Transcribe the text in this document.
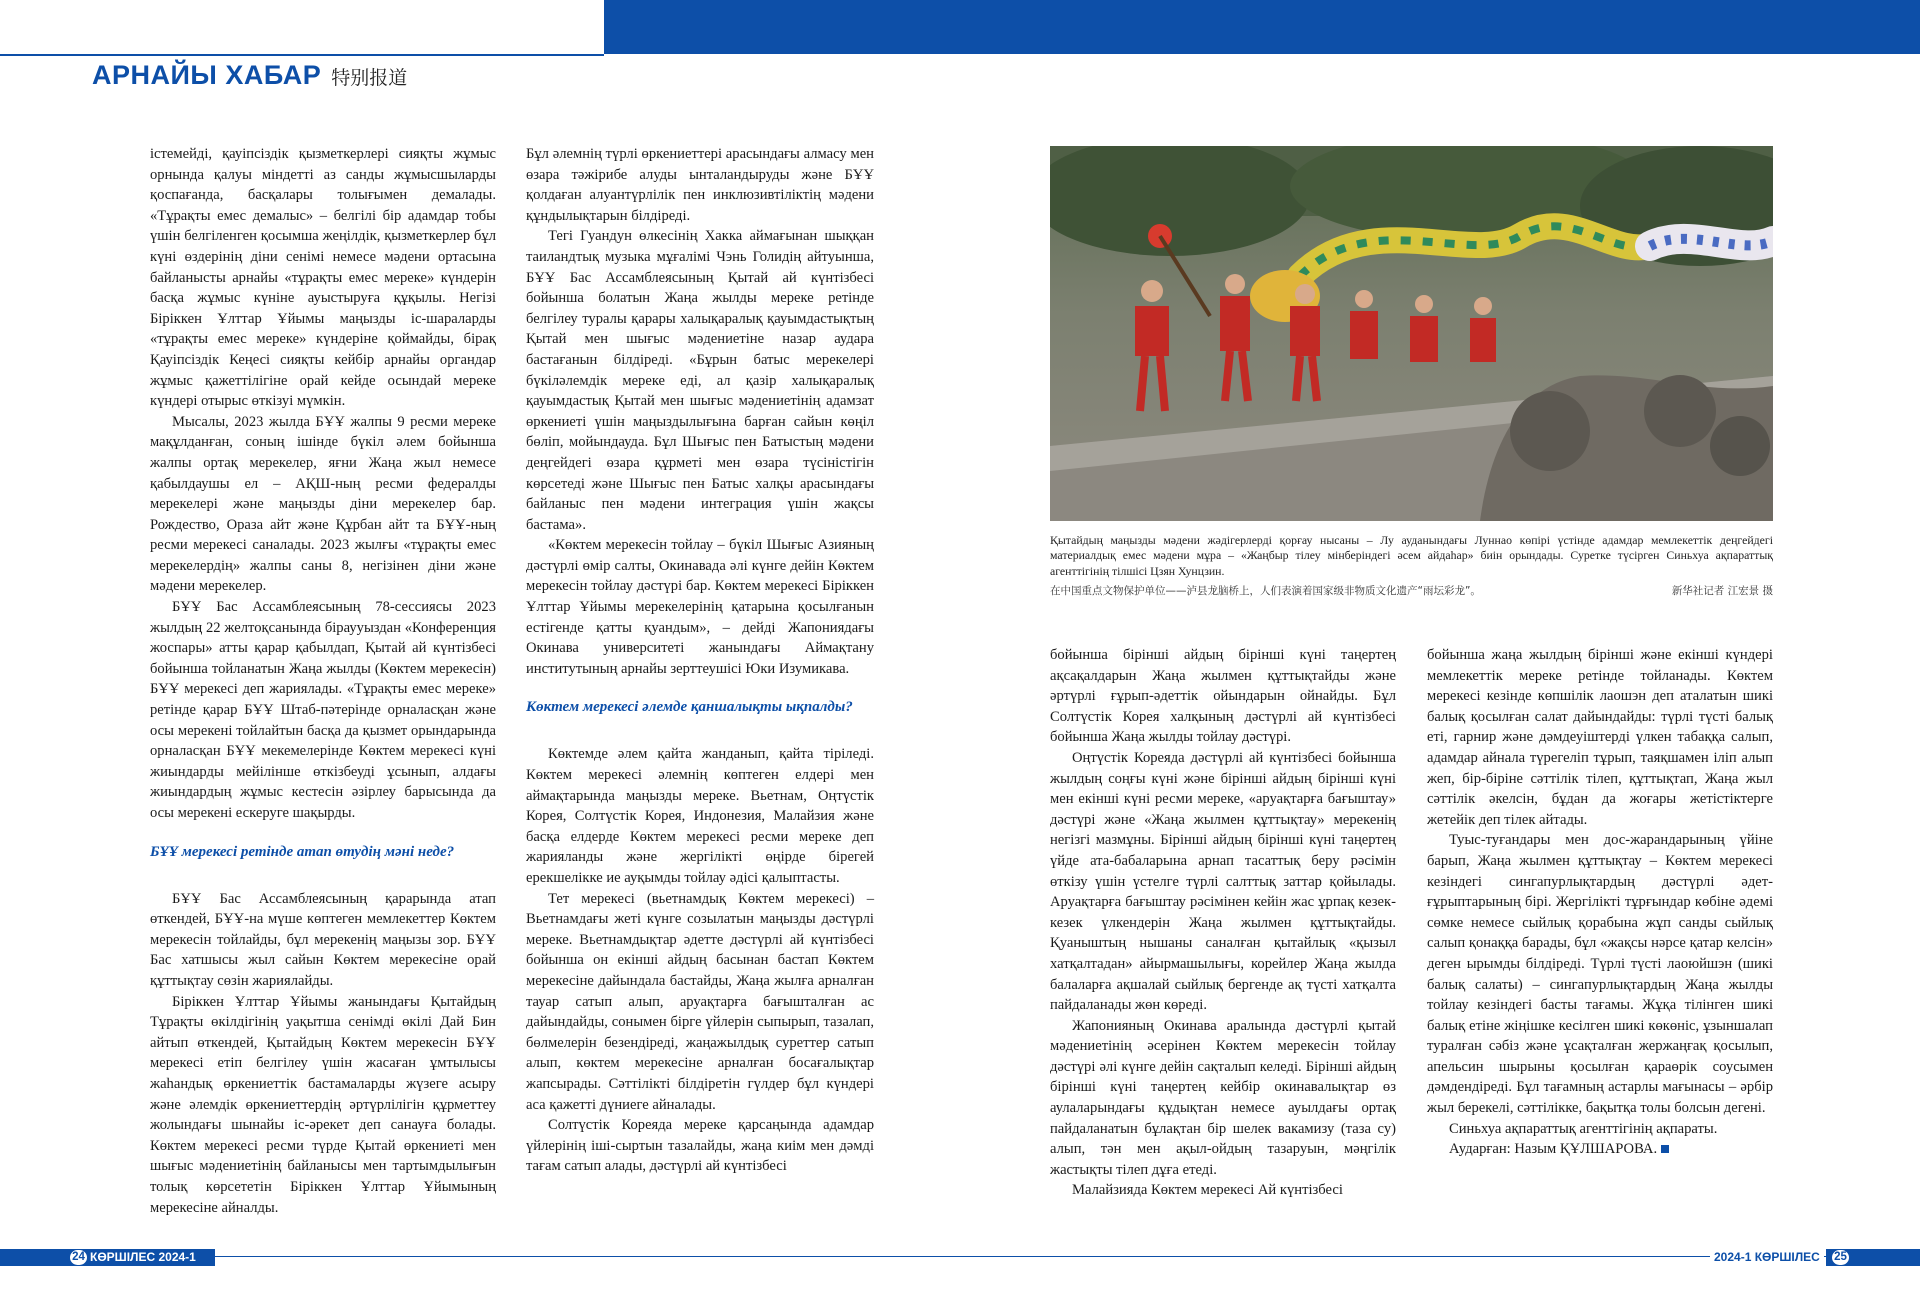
АРНАЙЫ ХАБАР 特别报道

істемейді, қауіпсіздік қызметкерлері сияқты жұмыс орнында қалуы міндетті аз санды жұмысшыларды қоспағанда, басқалары толығымен демалады. «Тұрақты емес демалыс» – белгілі бір адамдар тобы үшін белгіленген қосымша жеңілдік, қызметкерлер бұл күні өздерінің діни сенімі немесе мәдени ортасына байланысты арнайы «тұрақты емес мереке» күндерін басқа жұмыс күніне ауыстыруға құқылы. Негізі Біріккен Ұлттар Ұйымы маңызды іс-шараларды «тұрақты емес мереке» күндеріне қоймайды, бірақ Қауіпсіздік Кеңесі сияқты кейбір арнайы органдар жұмыс қажеттілігіне орай кейде осындай мереке күндері отырыс өткізуі мүмкін.

Мысалы, 2023 жылда БҰҰ жалпы 9 ресми мереке мақұлданған, соның ішінде бүкіл әлем бойынша жалпы ортақ мерекелер, яғни Жаңа жыл немесе қабылдаушы ел – АҚШ-ның ресми федералды мерекелері және маңызды діни мерекелер бар. Рождество, Ораза айт және Құрбан айт та БҰҰ-ның ресми мерекесі саналады. 2023 жылғы «тұрақты емес мерекелердің» жалпы саны 8, негізінен діни және мәдени мерекелер.

БҰҰ Бас Ассамблеясының 78-сессиясы 2023 жылдың 22 желтоқсанында біраууыздан «Конференция жоспары» атты қарар қабылдап, Қытай ай күнтізбесі бойынша тойланатын Жаңа жылды (Көктем мерекесін) БҰҰ мерекесі деп жариялады. «Тұрақты емес мереке» ретінде қарар БҰҰ Штаб-пәтерінде орналасқан және осы мерекені тойлайтын басқа да қызмет орындарында орналасқан БҰҰ мекемелерінде Көктем мерекесі күні жиындарды мейілінше өткізбеуді ұсынып, алдағы жиындардың жұмыс кестесін әзірлеу барысында да осы мерекені ескеруге шақырды.

БҰҰ мерекесі ретінде атап өтудің мәні неде?

БҰҰ Бас Ассамблеясының қарарында атап өткендей, БҰҰ-на мүше көптеген мемлекеттер Көктем мерекесін тойлайды, бұл мерекенің маңызы зор. БҰҰ Бас хатшысы жыл сайын Көктем мерекесіне орай құттықтау сөзін жариялайды.

Біріккен Ұлттар Ұйымы жанындағы Қытайдың Тұрақты өкілдігінің уақытша сенімді өкілі Дай Бин айтып өткендей, Қытайдың Көктем мерекесін БҰҰ мерекесі етіп белгілеу үшін жасаған ұмтылысы жаһандық өркениеттік бастамаларды жүзеге асыру және әлемдік өркениеттердің әртүрлілігін құрметтеу жолындағы шынайы іс-әрекет деп санауға болады. Көктем мерекесі ресми түрде Қытай өркениеті мен шығыс мәдениетінің байланысы мен тартымдылығын толық көрсететін Біріккен Ұлттар Ұйымының мерекесіне айналды.

Бұл әлемнің түрлі өркениеттері арасындағы алмасу мен өзара тәжірибе алуды ынталандыруды және БҰҰ қолдаған алуантүрлілік пен инклюзивтіліктің мәдени құндылықтарын білдіреді.

Тегі Гуандун өлкесінің Хакка аймағынан шыққан таиландтық музыка мұғалімі Чэнь Голидің айтуынша, БҰҰ Бас Ассамблеясының Қытай ай күнтізбесі бойынша болатын Жаңа жылды мереке ретінде белгілеу туралы қарары халықаралық қауымдастықтың Қытай мен шығыс мәдениетіне назар аудара бастағанын білдіреді. «Бұрын батыс мерекелері бүкіләлемдік мереке еді, ал қазір халықаралық қауымдастық Қытай мен шығыс мәдениетінің адамзат өркениеті үшін маңыздылығына барған сайын көңіл бөліп, мойындауда. Бұл Шығыс пен Батыстың мәдени деңгейдегі өзара құрметі мен өзара түсіністігін көрсетеді және Шығыс пен Батыс халқы арасындағы байланыс пен мәдени интеграция үшін жақсы бастама».

«Көктем мерекесін тойлау – бүкіл Шығыс Азияның дәстүрлі өмір салты, Окинавада әлі күнге дейін Көктем мерекесін тойлау дәстүрі бар. Көктем мерекесі Біріккен Ұлттар Ұйымы мерекелерінің қатарына қосылғанын естігенде қатты қуандым», – дейді Жапониядағы Окинава университеті жанындағы Аймақтану институтының арнайы зерттеушісі Юки Изумикава.

Көктем мерекесі әлемде қаншалықты ықпалды?

Көктемде әлем қайта жанданып, қайта тіріледі. Көктем мерекесі әлемнің көптеген елдері мен аймақтарында маңызды мереке. Вьетнам, Оңтүстік Корея, Солтүстік Корея, Индонезия, Малайзия және басқа елдерде Көктем мерекесі ресми мереке деп жарияланды және жергілікті өңірде бірегей ерекшелікке ие ауқымды тойлау әдісі қалыптасты.

Тет мерекесі (вьетнамдық Көктем мерекесі) – Вьетнамдағы жеті күнге созылатын маңызды дәстүрлі мереке. Вьетнамдықтар әдетте дәстүрлі ай күнтізбесі бойынша он екінші айдың басынан бастап Көктем мерекесіне дайындала бастайды, Жаңа жылға арналған тауар сатып алып, аруақтарға бағышталған ас дайындайды, сонымен бірге үйлерін сыпырып, тазалап, бөлмелерін безендіреді, жаңажылдық суреттер сатып алып, көктем мерекесіне арналған босағалықтар жапсырады. Сәттілікті білдіретін гүлдер бұл күндері аса қажетті дүниеге айналады.

Солтүстік Кореяда мереке қарсаңында адамдар үйлерінің іші-сыртын тазалайды, жаңа киім мен дәмді тағам сатып алады, дәстүрлі ай күнтізбесі

Қытайдың маңызды мәдени жәдігерлерді қорғау нысаны – Лу ауданындағы Луннао көпірі үстінде адамдар мемлекеттік деңгейдегі материалдық емес мәдени мұра – «Жаңбыр тілеу мінберіндегі әсем айдаһар» биін орындады. Суретке түсірген Синьхуа ақпараттық агенттігінің тілшісі Цзян Хунцзин.
在中国重点文物保护单位——泸县龙脑桥上，人们表演着国家级非物质文化遗产“雨坛彩龙”。	新华社记者 江宏景 摄

бойынша бірінші айдың бірінші күні таңертең ақсақалдарын Жаңа жылмен құттықтайды және әртүрлі ғұрып-әдеттік ойындарын ойнайды. Бұл Солтүстік Корея халқының дәстүрлі ай күнтізбесі бойынша Жаңа жылды тойлау дәстүрі.

Оңтүстік Кореяда дәстүрлі ай күнтізбесі бойынша жылдың соңғы күні және бірінші айдың бірінші күні мен екінші күні ресми мереке, «аруақтарға бағыштау» дәстүрі және «Жаңа жылмен құттықтау» мерекенің негізгі мазмұны. Бірінші айдың бірінші күні таңертең үйде ата-бабаларына арнап тасаттық беру рәсімін өткізу үшін үстелге түрлі салттық заттар қойылады. Аруақтарға бағыштау рәсімінен кейін жас ұрпақ кезек-кезек үлкендерін Жаңа жылмен құттықтайды. Қуаныштың нышаны саналған қытайлық «қызыл хатқалтадан» айырмашылығы, корейлер Жаңа жылда балаларға ақшалай сыйлық бергенде ақ түсті хатқалта пайдаланады жөн көреді.

Жапонияның Окинава аралында дәстүрлі қытай мәдениетінің әсерінен Көктем мерекесін тойлау дәстүрі әлі күнге дейін сақталып келеді. Бірінші айдың бірінші күні таңертең кейбір окинавалықтар өз аулаларындағы құдықтан немесе ауылдағы ортақ пайдаланатын бұлақтан бір шелек вакамизу (таза су) алып, тән мен ақыл-ойдың тазаруын, мәңгілік жастықты тілеп дұға етеді.

Малайзияда Көктем мерекесі Ай күнтізбесі

бойынша жаңа жылдың бірінші және екінші күндері мемлекеттік мереке ретінде тойланады. Көктем мерекесі кезінде көпшілік лаошэн деп аталатын шикі балық қосылған салат дайындайды: түрлі түсті балық еті, гарнир және дәмдеуіштерді үлкен табаққа салып, адамдар айнала түрегеліп тұрып, таяқшамен іліп алып жеп, бір-біріне сәттілік тілеп, құттықтап, Жаңа жыл сәттілік әкелсін, бұдан да жоғары жетістіктерге жетейік деп тілек айтады.

Туыс-туғандары мен дос-жарандарының үйіне барып, Жаңа жылмен құттықтау – Көктем мерекесі кезіндегі сингапурлықтардың дәстүрлі әдет-ғұрыптарының бірі. Жергілікті тұрғындар көбіне әдемі сөмке немесе сыйлық қорабына жұп санды сыйлық салып қонаққа барады, бұл «жақсы нәрсе қатар келсін» деген ырымды білдіреді. Түрлі түсті лаоюйшэн (шикі балық салаты) – сингапурлықтардың Жаңа жылды тойлау кезіндегі басты тағамы. Жұқа тілінген шикі балық етіне жіңішке кесілген шикі көкөніс, ұзыншалап туралған сәбіз және ұсақталған жержаңғақ қосылып, апельсин шырыны қосылған қараөрік соусымен дәмдендіреді. Бұл тағамның астарлы мағынасы – әрбір жыл берекелі, сәттілікке, бақытқа толы болсын дегені.

Синьхуа ақпараттық агенттігінің ақпараты.

Аударған: Назым ҚҰЛШАРОВА.

24 КӨРШІЛЕС 2024-1	2024-1 КӨРШІЛЕС	25
